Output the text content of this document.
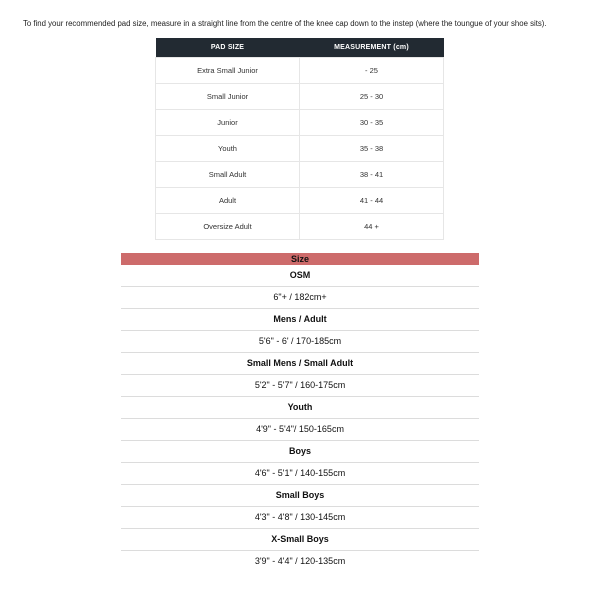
To find your recommended pad size, measure in a straight line from the centre of the knee cap down to the instep (where the toungue of your shoe sits).

PAD SIZE	MEASUREMENT (cm)
Extra Small Junior	- 25
Small Junior	25 - 30
Junior	30 - 35
Youth	35 - 38
Small Adult	38 - 41
Adult	41 - 44
Oversize Adult	44 +
Size
OSM
6"+ / 182cm+
Mens / Adult
5'6" - 6' / 170-185cm
Small Mens / Small Adult
5'2" - 5'7" / 160-175cm
Youth
4'9" - 5'4"/ 150-165cm
Boys
4'6" - 5'1" / 140-155cm
Small Boys
4'3" - 4'8" / 130-145cm
X-Small Boys
3'9" - 4'4" / 120-135cm
